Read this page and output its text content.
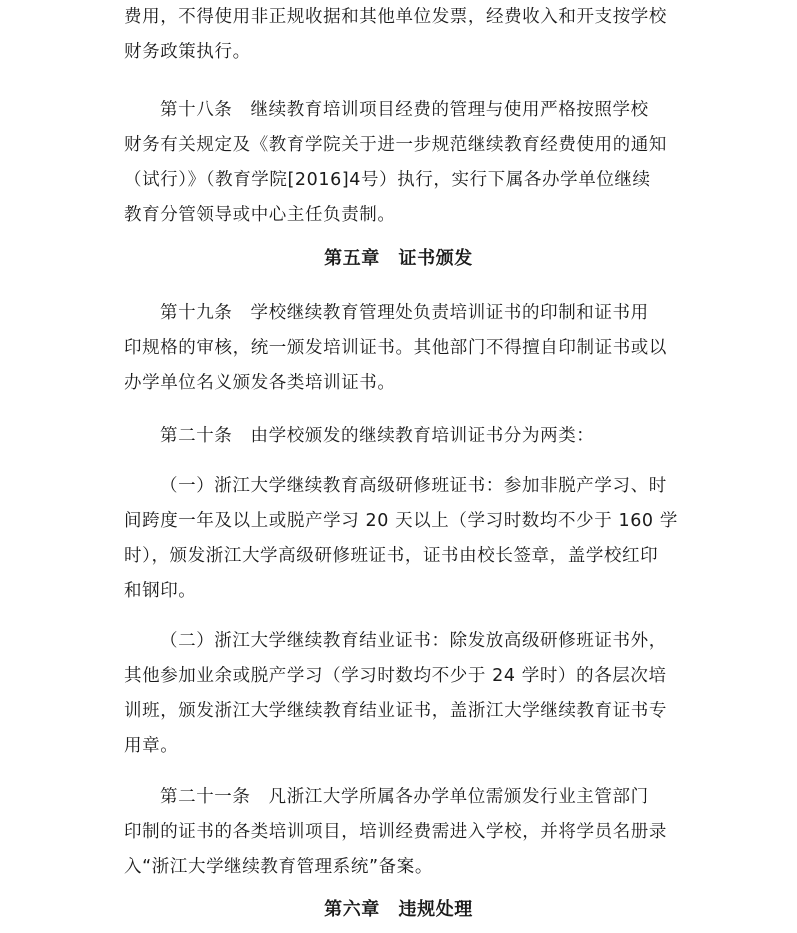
费用，不得使用非正规收据和其他单位发票，经费收入和开支按学校
财务政策执行。
第十八条　继续教育培训项目经费的管理与使用严格按照学校
财务有关规定及《教育学院关于进一步规范继续教育经费使用的通知
（试行）》（教育学院[2016]4号）执行，实行下属各办学单位继续
教育分管领导或中心主任负责制。
第五章　证书颁发
第十九条　学校继续教育管理处负责培训证书的印制和证书用
印规格的审核，统一颁发培训证书。其他部门不得擅自印制证书或以
办学单位名义颁发各类培训证书。
第二十条　由学校颁发的继续教育培训证书分为两类：
（一）浙江大学继续教育高级研修班证书：参加非脱产学习、时
间跨度一年及以上或脱产学习 20 天以上（学习时数均不少于 160 学
时），颁发浙江大学高级研修班证书，证书由校长签章，盖学校红印
和钢印。
（二）浙江大学继续教育结业证书：除发放高级研修班证书外，
其他参加业余或脱产学习（学习时数均不少于 24 学时）的各层次培
训班，颁发浙江大学继续教育结业证书，盖浙江大学继续教育证书专
用章。
第二十一条　凡浙江大学所属各办学单位需颁发行业主管部门
印制的证书的各类培训项目，培训经费需进入学校，并将学员名册录
入“浙江大学继续教育管理系统”备案。
第六章　违规处理
